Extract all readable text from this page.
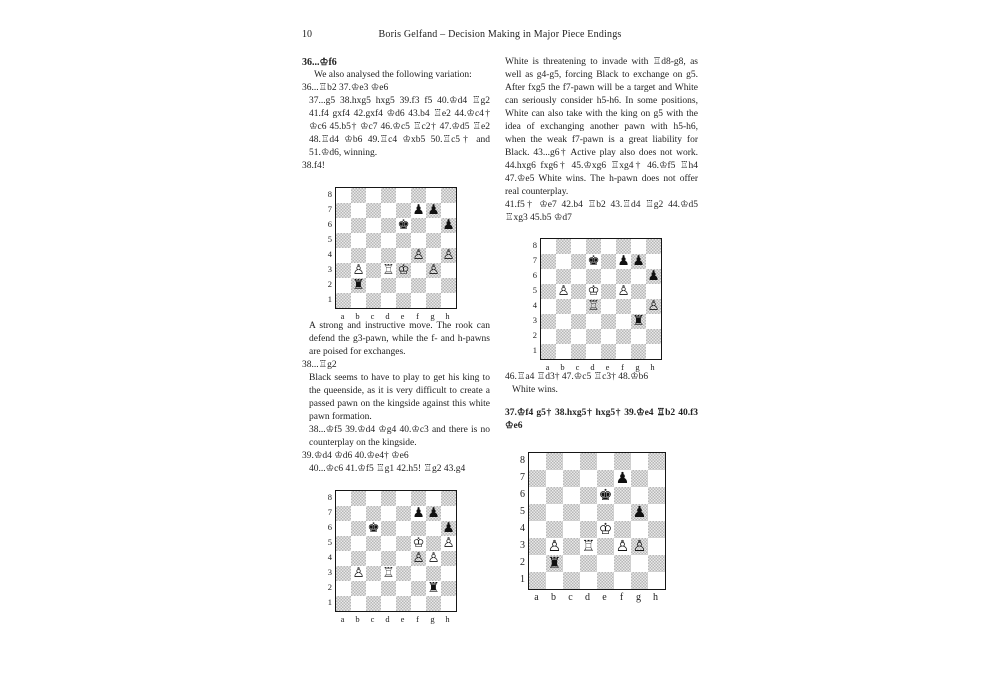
10	Boris Gelfand – Decision Making in Major Piece Endings
36...♔f6
We also analysed the following variation:
36...♖b2 37.♔e3 ♔e6
37...g5 38.hxg5 hxg5 39.f3 f5 40.♔d4 ♖g2 41.f4 gxf4 42.gxf4 ♔d6 43.b4 ♖e2 44.♔c4† ♔c6 45.b5† ♔c7 46.♔c5 ♖c2† 47.♔d5 ♖e2 48.♖d4 ♔b6 49.♖c4 ♔xb5 50.♖c5† and 51.♔d6, winning.
38.f4!
8
7
6
5
4
3
2
1
♟ ♟
♚ ♟
♙ ♙
♙ ♖ ♔ ♙
♜
a	b	c	d	e	f	g	h
A strong and instructive move. The rook can defend the g3-pawn, while the f- and h-pawns are poised for exchanges.
38...♖g2
Black seems to have to play to get his king to the queenside, as it is very difficult to create a passed pawn on the kingside against this white pawn formation.
38...♔f5 39.♔d4 ♔g4 40.♔c3 and there is no counterplay on the kingside.
39.♔d4 ♔d6 40.♔e4† ♔e6
40...♔c6 41.♔f5 ♖g1 42.h5! ♖g2 43.g4
8
7
6
5
4
3
2
1
♟ ♟
♚	♟
♔ ♙
♙ ♙
♙ ♖
♜
a	b	c	d	e	f	g	h
White is threatening to invade with ♖d8-g8, as well as g4-g5, forcing Black to exchange on g5. After fxg5 the f7-pawn will be a target and White can seriously consider h5-h6. In some positions, White can also take with the king on g5 with the idea of exchanging another pawn with h5-h6, when the weak f7-pawn is a great liability for Black. 43...g6† Active play also does not work. 44.hxg6 fxg6† 45.♔xg6 ♖xg4† 46.♔f5 ♖h4 47.♔e5 White wins. The h-pawn does not offer real counterplay.
41.f5† ♔e7 42.b4 ♖b2 43.♖d4 ♖g2 44.♔d5 ♖xg3 45.b5 ♔d7
8
7
6
5
4
3
2
1
♚ ♟ ♟
♟
♙ ♔ ♙
♖	♙
♜
a	b	c	d	e	f	g	h
46.♖a4 ♖d3† 47.♔c5 ♖c3† 48.♔b6
White wins.
37.♔f4 g5† 38.hxg5† hxg5† 39.♔e4 ♖b2 40.f3 ♔e6
8
7
6
5
4
3
2
1
♟
♚
♟
♔
♙ ♖ ♙ ♙
♜
a	b	c	d	e	f	g	h
